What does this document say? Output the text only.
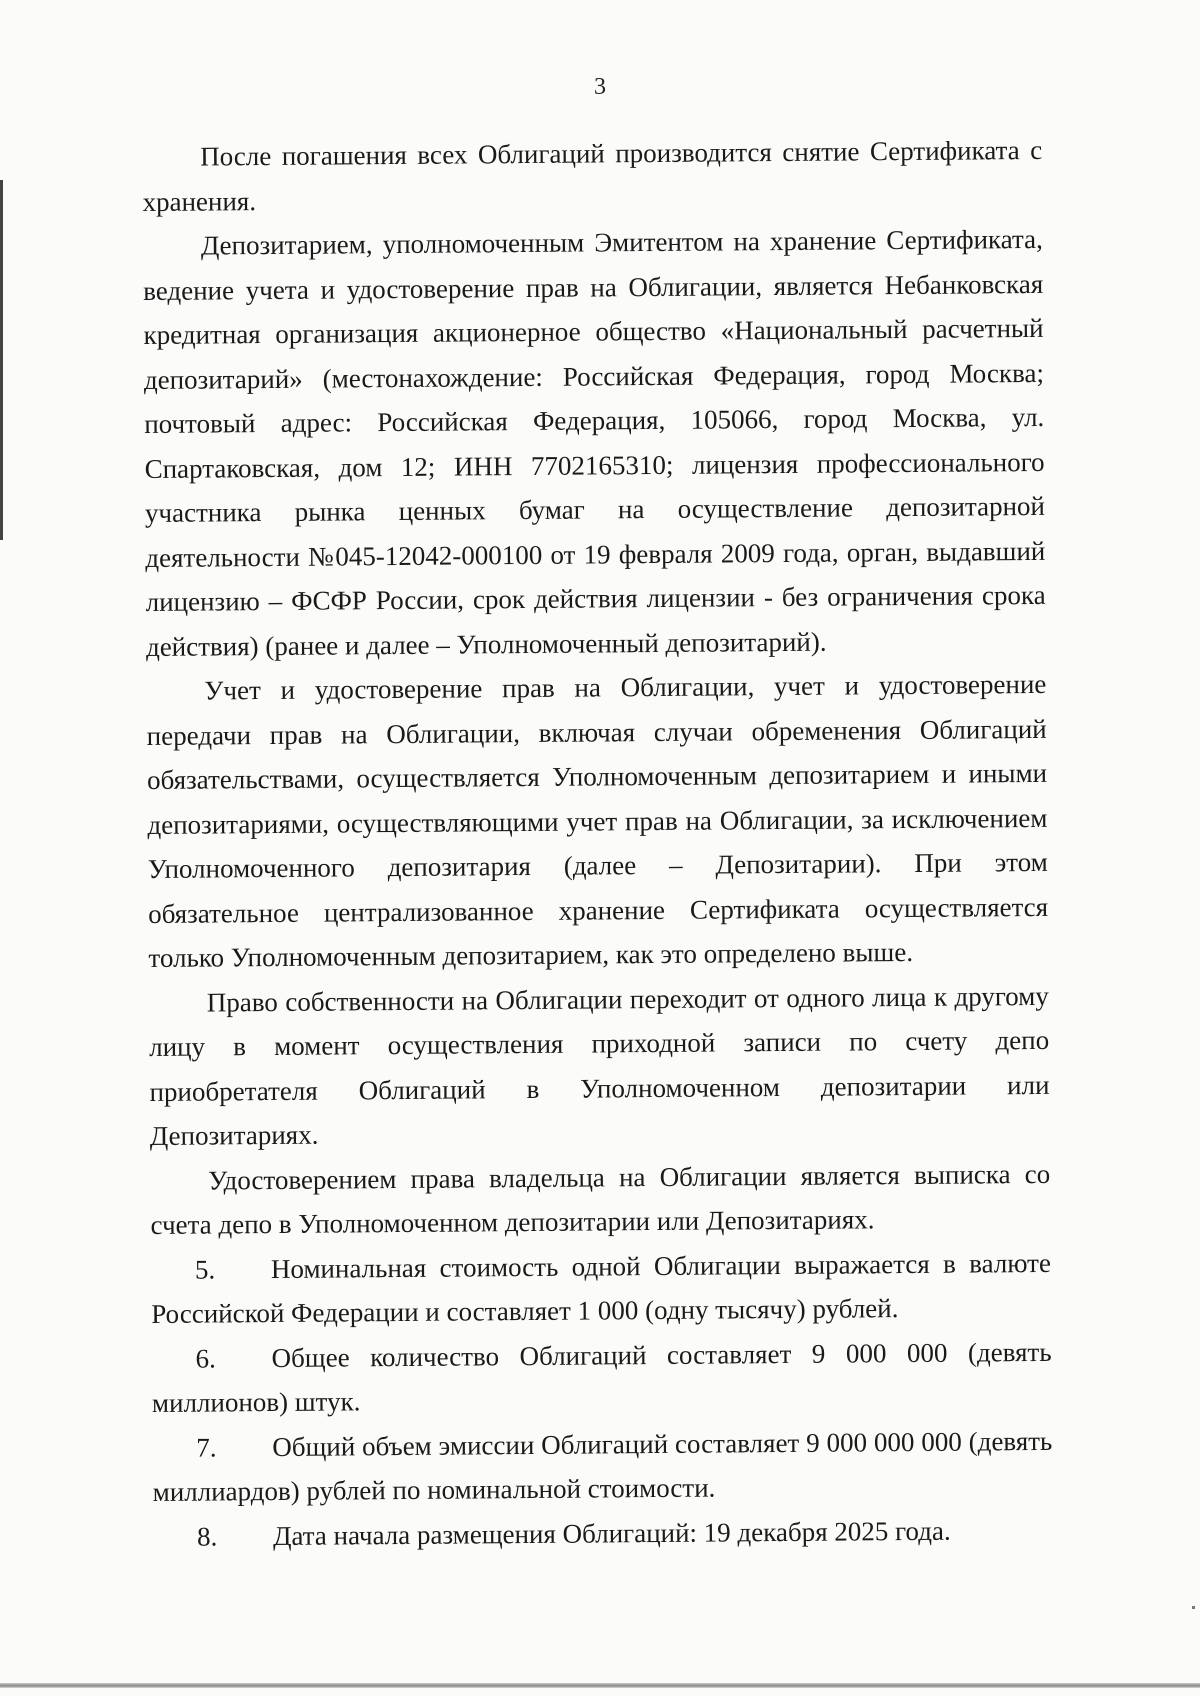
3

После погашения всех Облигаций производится снятие Сертификата с хранения.

Депозитарием, уполномоченным Эмитентом на хранение Сертификата, ведение учета и удостоверение прав на Облигации, является Небанковская кредитная организация акционерное общество «Национальный расчетный депозитарий» (местонахождение: Российская Федерация, город Москва; почтовый адрес: Российская Федерация, 105066, город Москва, ул. Спартаковская, дом 12; ИНН 7702165310; лицензия профессионального участника рынка ценных бумаг на осуществление депозитарной деятельности №045-12042-000100 от 19 февраля 2009 года, орган, выдавший лицензию – ФСФР России, срок действия лицензии - без ограничения срока действия) (ранее и далее – Уполномоченный депозитарий).

Учет и удостоверение прав на Облигации, учет и удостоверение передачи прав на Облигации, включая случаи обременения Облигаций обязательствами, осуществляется Уполномоченным депозитарием и иными депозитариями, осуществляющими учет прав на Облигации, за исключением Уполномоченного депозитария (далее – Депозитарии). При этом обязательное централизованное хранение Сертификата осуществляется только Уполномоченным депозитарием, как это определено выше.

Право собственности на Облигации переходит от одного лица к другому лицу в момент осуществления приходной записи по счету депо приобретателя Облигаций в Уполномоченном депозитарии или Депозитариях.

Удостоверением права владельца на Облигации является выписка со счета депо в Уполномоченном депозитарии или Депозитариях.

5. Номинальная стоимость одной Облигации выражается в валюте Российской Федерации и составляет 1 000 (одну тысячу) рублей.

6. Общее количество Облигаций составляет 9 000 000 (девять миллионов) штук.

7. Общий объем эмиссии Облигаций составляет 9 000 000 000 (девять миллиардов) рублей по номинальной стоимости.

8. Дата начала размещения Облигаций: 19 декабря 2025 года.
